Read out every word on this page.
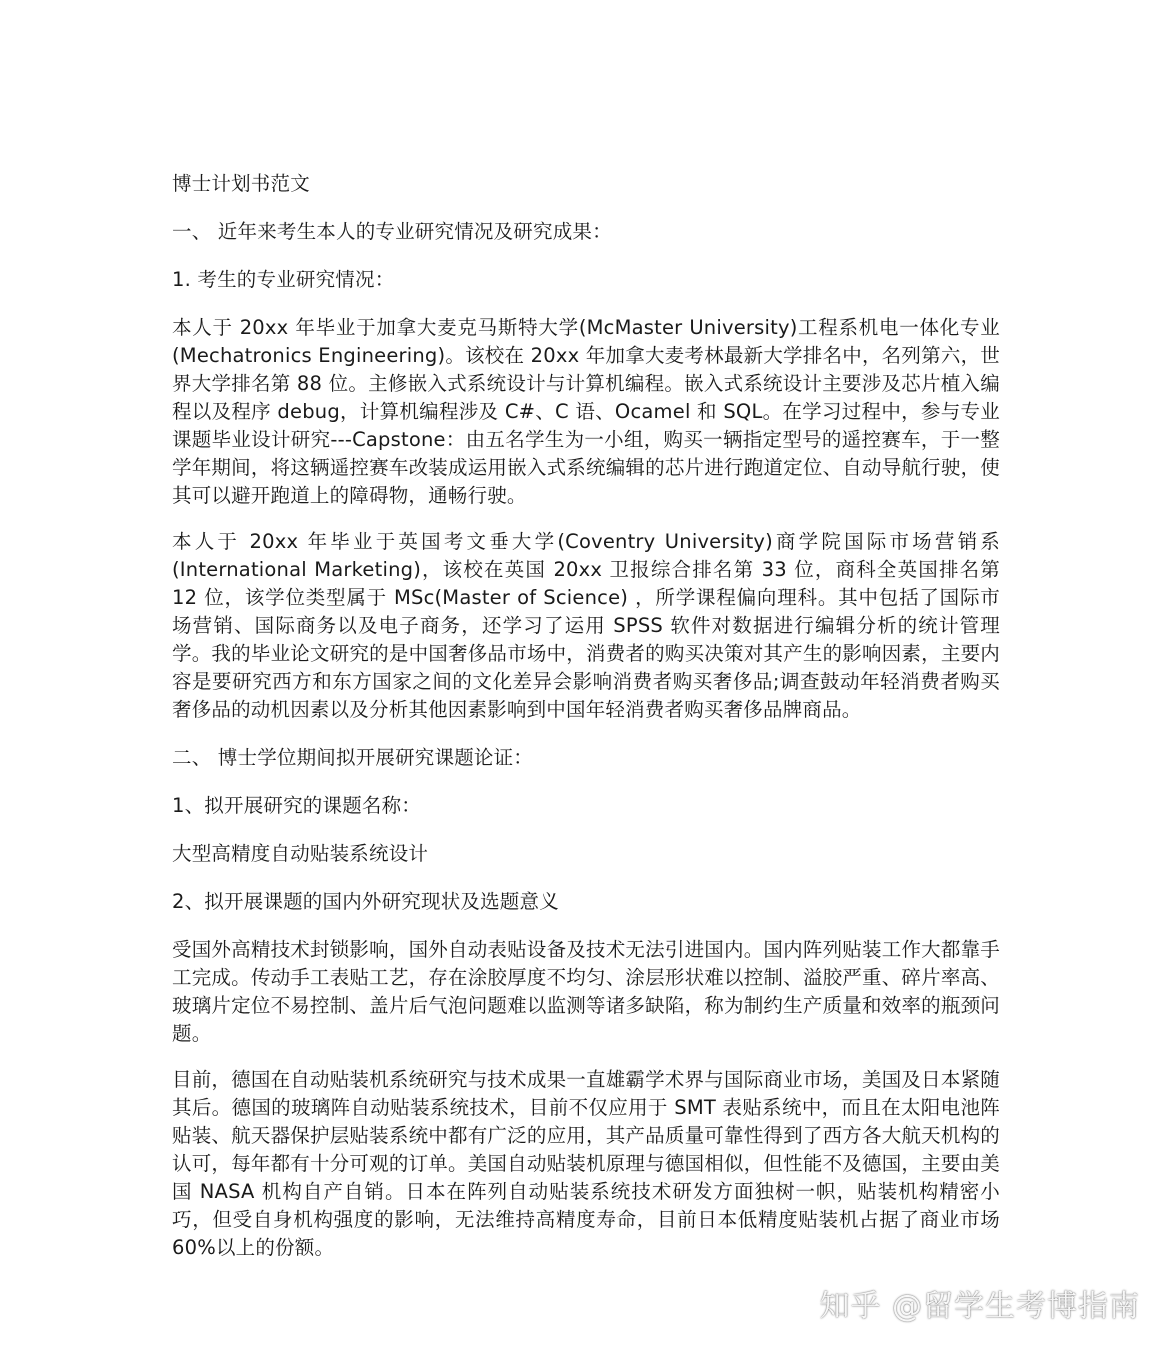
博士计划书范文

一、 近年来考生本人的专业研究情况及研究成果：

1. 考生的专业研究情况：

本人于 20xx 年毕业于加拿大麦克马斯特大学(McMaster University)工程系机电一体化专业(Mechatronics Engineering)。该校在 20xx 年加拿大麦考林最新大学排名中，名列第六，世界大学排名第 88 位。主修嵌入式系统设计与计算机编程。嵌入式系统设计主要涉及芯片植入编程以及程序 debug，计算机编程涉及 C#、C 语、Ocamel 和 SQL。在学习过程中，参与专业课题毕业设计研究---Capstone：由五名学生为一小组，购买一辆指定型号的遥控赛车，于一整学年期间，将这辆遥控赛车改装成运用嵌入式系统编辑的芯片进行跑道定位、自动导航行驶，使其可以避开跑道上的障碍物，通畅行驶。

本人于 20xx 年毕业于英国考文垂大学(Coventry University)商学院国际市场营销系(International Marketing)，该校在英国 20xx 卫报综合排名第 33 位，商科全英国排名第 12 位，该学位类型属于 MSc(Master of Science) ，所学课程偏向理科。其中包括了国际市场营销、国际商务以及电子商务，还学习了运用 SPSS 软件对数据进行编辑分析的统计管理学。我的毕业论文研究的是中国奢侈品市场中，消费者的购买决策对其产生的影响因素，主要内容是要研究西方和东方国家之间的文化差异会影响消费者购买奢侈品;调查鼓动年轻消费者购买奢侈品的动机因素以及分析其他因素影响到中国年轻消费者购买奢侈品牌商品。

二、 博士学位期间拟开展研究课题论证：

1、拟开展研究的课题名称：

大型高精度自动贴装系统设计

2、拟开展课题的国内外研究现状及选题意义

受国外高精技术封锁影响，国外自动表贴设备及技术无法引进国内。国内阵列贴装工作大都靠手工完成。传动手工表贴工艺，存在涂胶厚度不均匀、涂层形状难以控制、溢胶严重、碎片率高、玻璃片定位不易控制、盖片后气泡问题难以监测等诸多缺陷，称为制约生产质量和效率的瓶颈问题。

目前，德国在自动贴装机系统研究与技术成果一直雄霸学术界与国际商业市场，美国及日本紧随其后。德国的玻璃阵自动贴装系统技术，目前不仅应用于 SMT 表贴系统中，而且在太阳电池阵贴装、航天器保护层贴装系统中都有广泛的应用，其产品质量可靠性得到了西方各大航天机构的认可，每年都有十分可观的订单。美国自动贴装机原理与德国相似，但性能不及德国，主要由美国 NASA 机构自产自销。日本在阵列自动贴装系统技术研发方面独树一帜，贴装机构精密小巧，但受自身机构强度的影响，无法维持高精度寿命，目前日本低精度贴装机占据了商业市场 60%以上的份额。

知乎 @留学生考博指南
